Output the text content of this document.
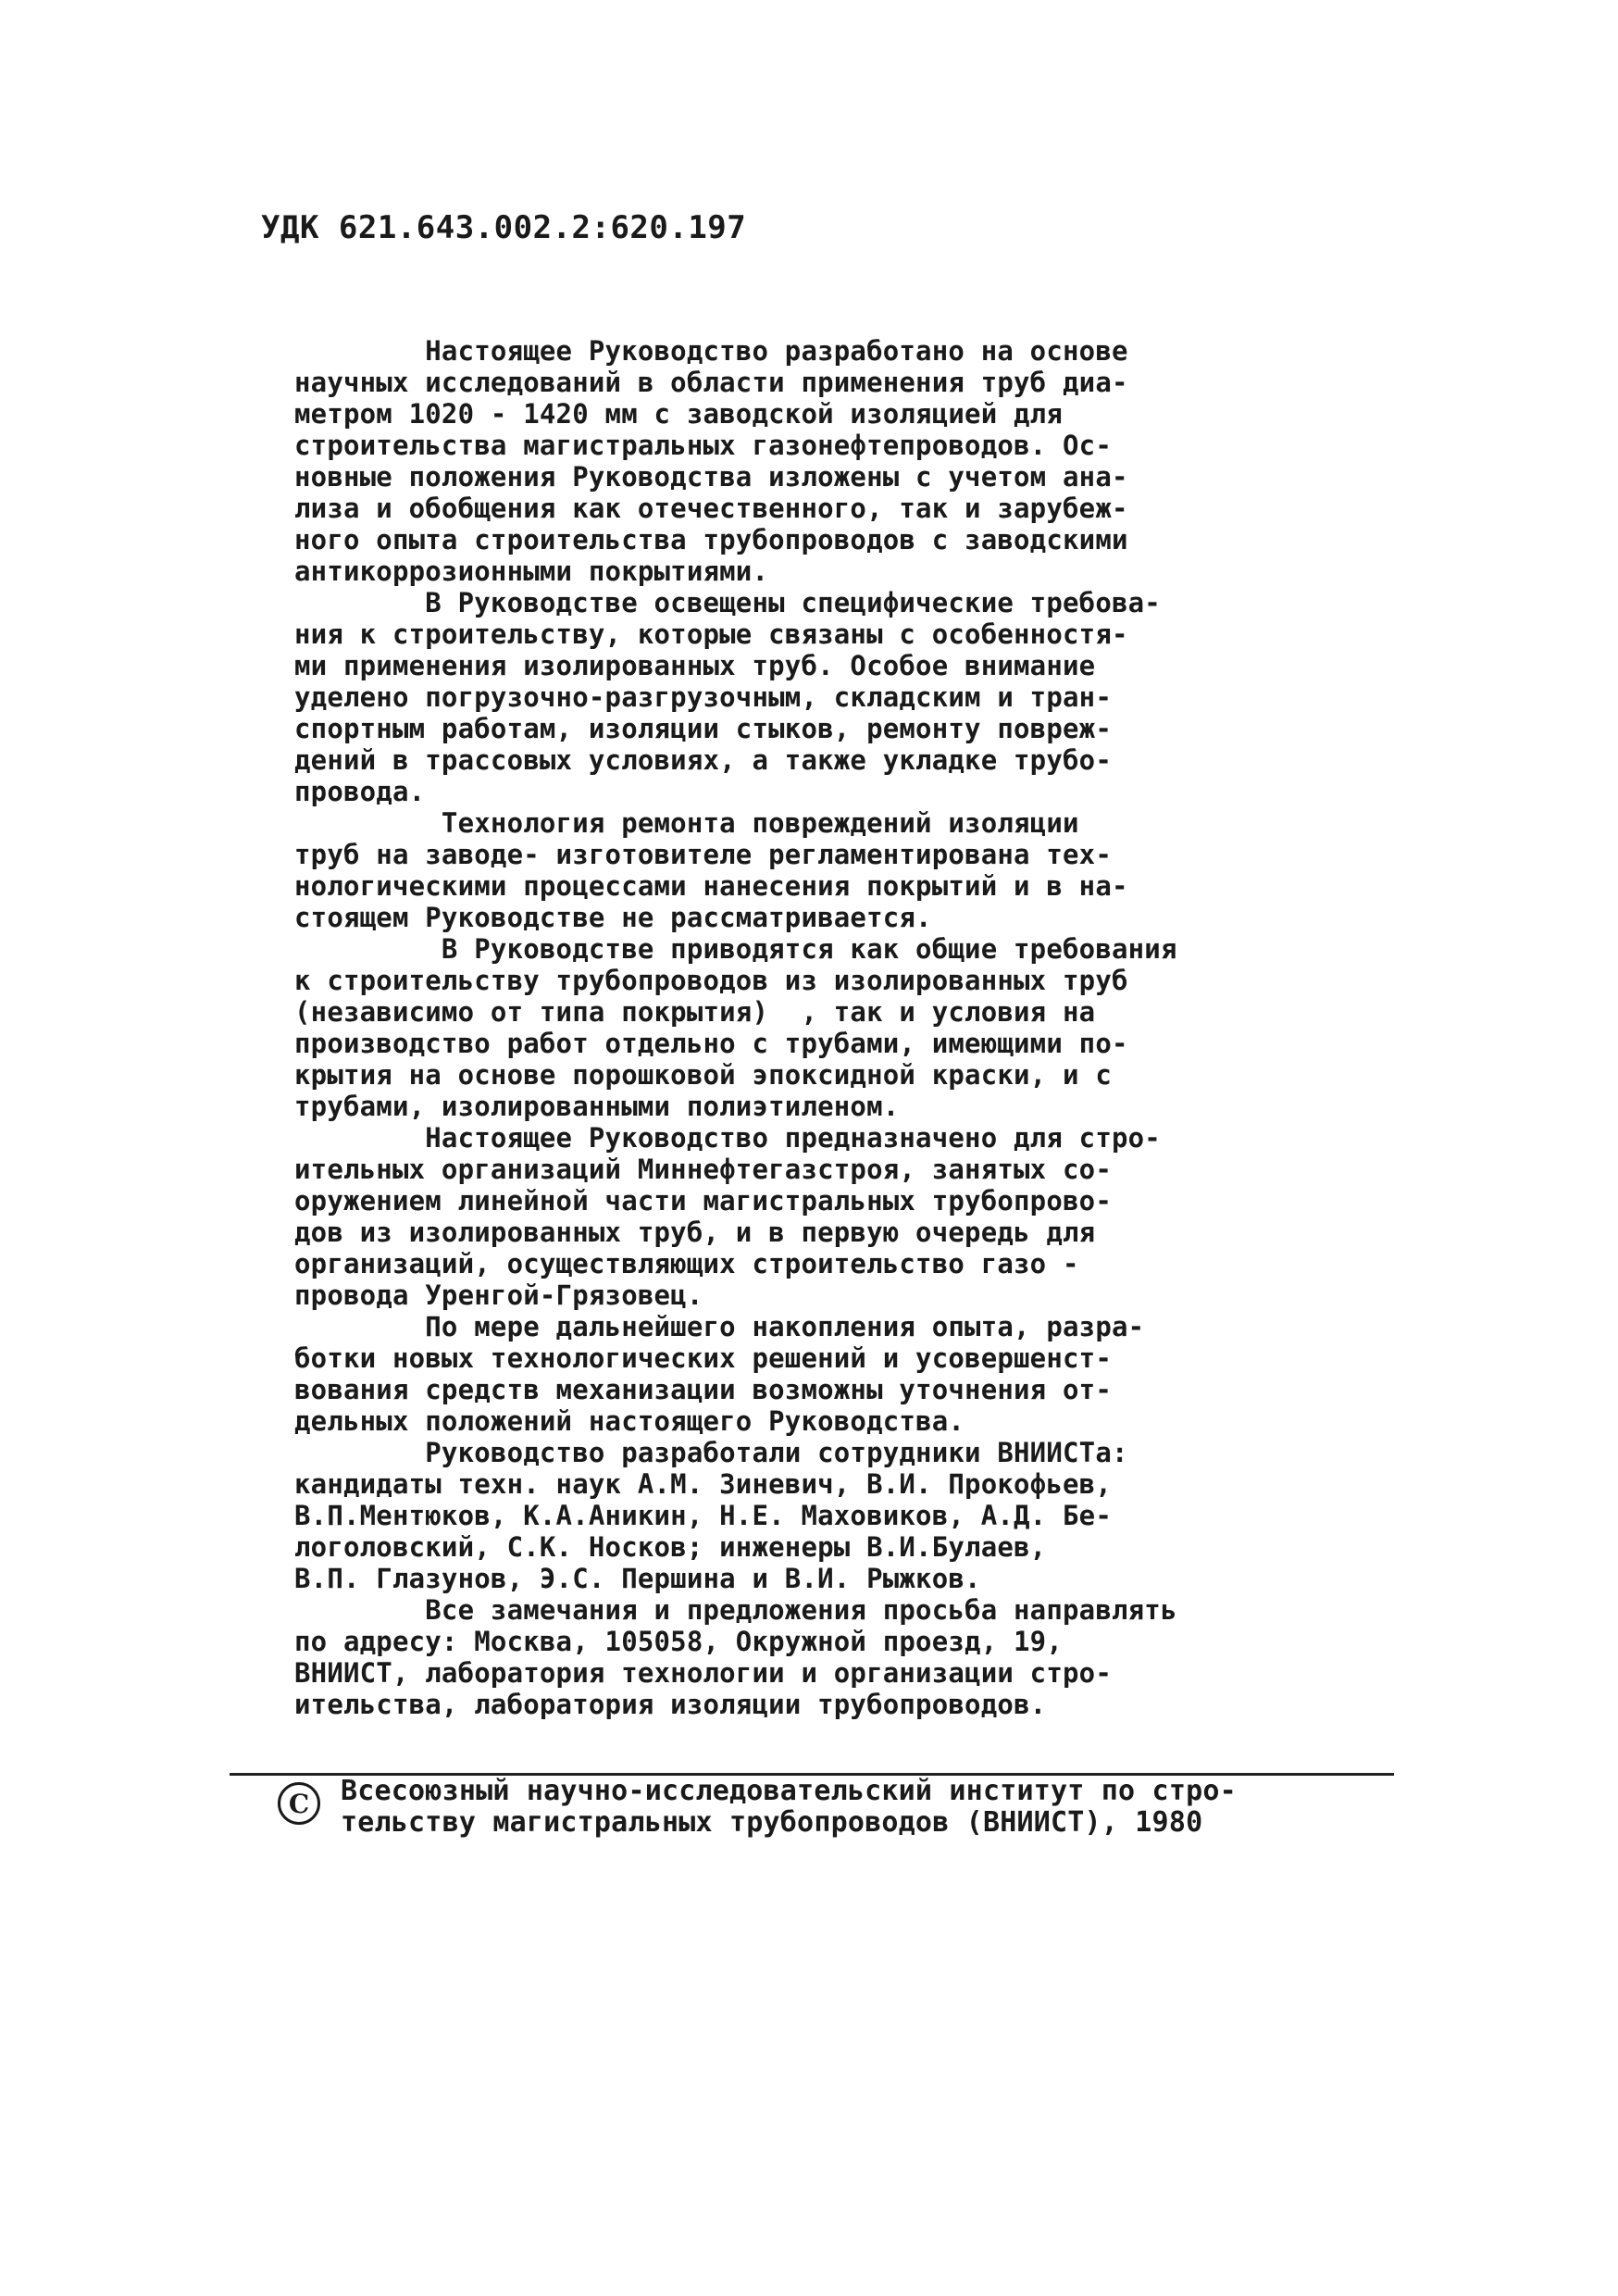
УДК 621.643.002.2:620.197
Настоящее Руководство разработано на основе
научных исследований в области применения труб диа-
метром 1020 - 1420 мм с заводской изоляцией для
строительства магистральных газонефтепроводов. Ос-
новные положения Руководства изложены с учетом ана-
лиза и обобщения как отечественного, так и зарубеж-
ного опыта строительства трубопроводов с заводскими
антикоррозионными покрытиями.
В Руководстве освещены специфические требова-
ния к строительству, которые связаны с особенностя-
ми применения изолированных труб. Особое внимание
уделено погрузочно-разгрузочным, складским и тран-
спортным работам, изоляции стыков, ремонту повреж-
дений в трассовых условиях, а также укладке трубо-
провода.
Технология ремонта повреждений изоляции
труб на заводе- изготовителе регламентирована тех-
нологическими процессами нанесения покрытий и в на-
стоящем Руководстве не рассматривается.
В Руководстве приводятся как общие требования
к строительству трубопроводов из изолированных труб
(независимо от типа покрытия)  , так и условия на
производство работ отдельно с трубами, имеющими по-
крытия на основе порошковой эпоксидной краски, и с
трубами, изолированными полиэтиленом.
Настоящее Руководство предназначено для стро-
ительных организаций Миннефтегазстроя, занятых со-
оружением линейной части магистральных трубопрово-
дов из изолированных труб, и в первую очередь для
организаций, осуществляющих строительство газо -
провода Уренгой-Грязовец.
По мере дальнейшего накопления опыта, разра-
ботки новых технологических решений и усовершенст-
вования средств механизации возможны уточнения от-
дельных положений настоящего Руководства.
Руководство разработали сотрудники ВНИИСТа:
кандидаты техн. наук А.М. Зиневич, В.И. Прокофьев,
В.П.Ментюков, К.А.Аникин, Н.Е. Маховиков, А.Д. Бе-
логоловский, С.К. Носков; инженеры В.И.Булаев,
В.П. Глазунов, Э.С. Першина и В.И. Рыжков.
Все замечания и предложения просьба направлять
по адресу: Москва, 105058, Окружной проезд, 19,
ВНИИСТ, лаборатория технологии и организации стро-
ительства, лаборатория изоляции трубопроводов.
C	Всесоюзный научно-исследовательский институт по стро-
тельству магистральных трубопроводов (ВНИИСТ), 1980
